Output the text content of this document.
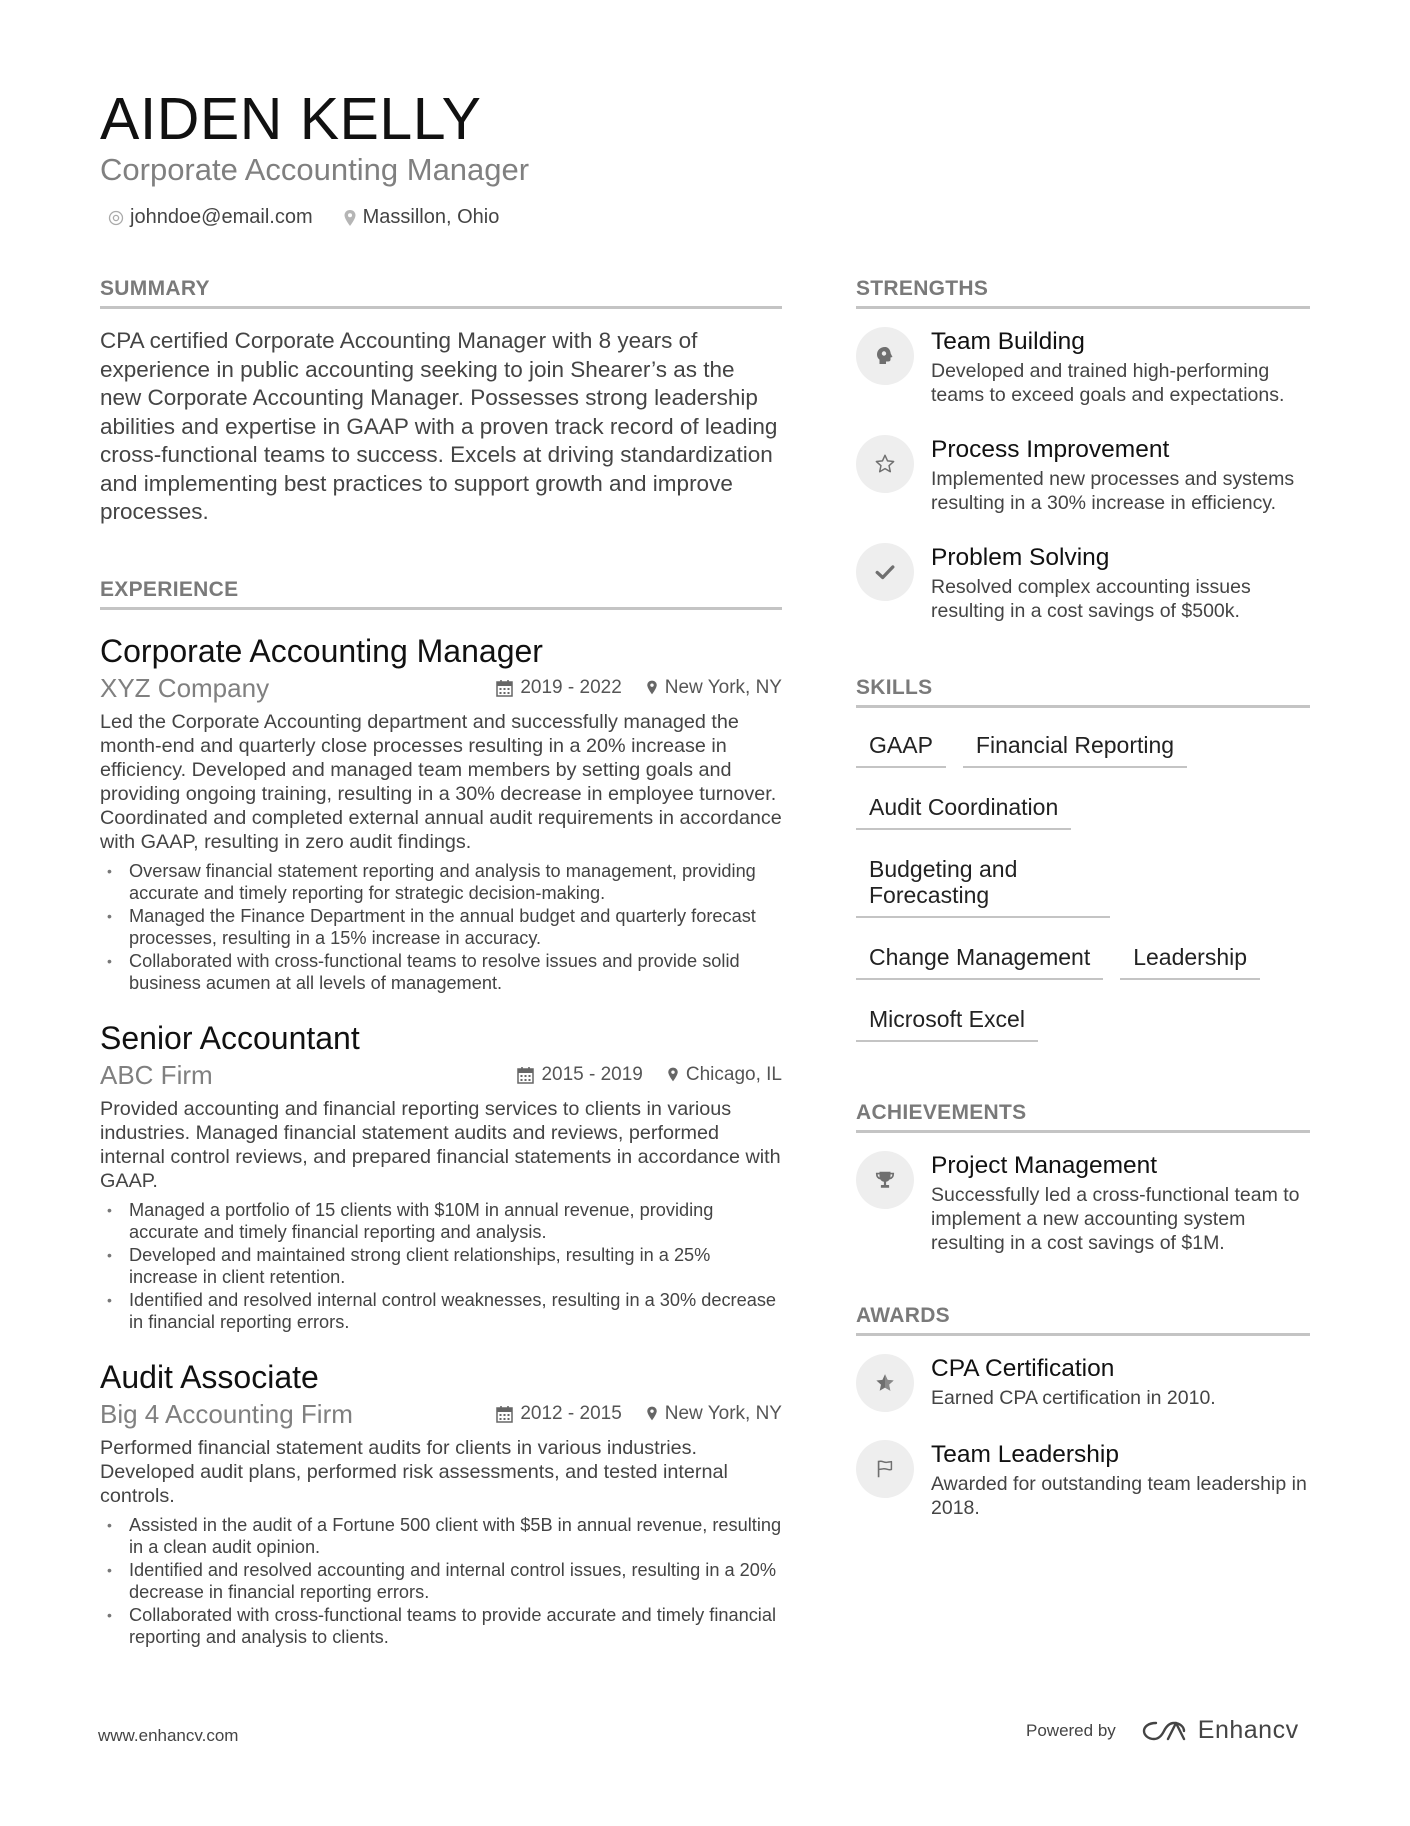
AIDEN KELLY
Corporate Accounting Manager
johndoe@email.com	Massillon, Ohio
SUMMARY
CPA certified Corporate Accounting Manager with 8 years of experience in public accounting seeking to join Shearer’s as the new Corporate Accounting Manager. Possesses strong leadership abilities and expertise in GAAP with a proven track record of leading cross-functional teams to success. Excels at driving standardization and implementing best practices to support growth and improve processes.
EXPERIENCE
Corporate Accounting Manager
XYZ Company	2019 - 2022 New York, NY
Led the Corporate Accounting department and successfully managed the month-end and quarterly close processes resulting in a 20% increase in efficiency. Developed and managed team members by setting goals and providing ongoing training, resulting in a 30% decrease in employee turnover. Coordinated and completed external annual audit requirements in accordance with GAAP, resulting in zero audit findings.
• Oversaw financial statement reporting and analysis to management, providing accurate and timely reporting for strategic decision-making.
• Managed the Finance Department in the annual budget and quarterly forecast processes, resulting in a 15% increase in accuracy.
• Collaborated with cross-functional teams to resolve issues and provide solid business acumen at all levels of management.
Senior Accountant
ABC Firm	2015 - 2019 Chicago, IL
Provided accounting and financial reporting services to clients in various industries. Managed financial statement audits and reviews, performed internal control reviews, and prepared financial statements in accordance with GAAP.
• Managed a portfolio of 15 clients with $10M in annual revenue, providing accurate and timely financial reporting and analysis.
• Developed and maintained strong client relationships, resulting in a 25% increase in client retention.
• Identified and resolved internal control weaknesses, resulting in a 30% decrease in financial reporting errors.
Audit Associate
Big 4 Accounting Firm	2012 - 2015 New York, NY
Performed financial statement audits for clients in various industries. Developed audit plans, performed risk assessments, and tested internal controls.
• Assisted in the audit of a Fortune 500 client with $5B in annual revenue, resulting in a clean audit opinion.
• Identified and resolved accounting and internal control issues, resulting in a 20% decrease in financial reporting errors.
• Collaborated with cross-functional teams to provide accurate and timely financial reporting and analysis to clients.
STRENGTHS
Team Building
Developed and trained high-performing teams to exceed goals and expectations.
Process Improvement
Implemented new processes and systems resulting in a 30% increase in efficiency.
Problem Solving
Resolved complex accounting issues resulting in a cost savings of $500k.
SKILLS
GAAP	Financial Reporting
Audit Coordination
Budgeting and Forecasting
Change Management	Leadership
Microsoft Excel
ACHIEVEMENTS
Project Management
Successfully led a cross-functional team to implement a new accounting system resulting in a cost savings of $1M.
AWARDS
CPA Certification
Earned CPA certification in 2010.
Team Leadership
Awarded for outstanding team leadership in 2018.
www.enhancv.com	Powered by	Enhancv
